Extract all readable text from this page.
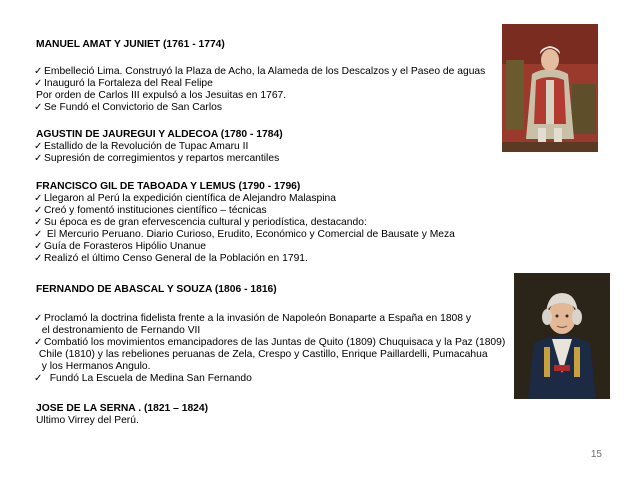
MANUEL AMAT Y JUNIET (1761 - 1774)
✓ Embelleció Lima. Construyó la Plaza de Acho, la Alameda de los Descalzos y el Paseo de aguas
✓ Inauguró la Fortaleza del Real Felipe
Por orden de Carlos III expulsó a los Jesuitas en 1767.
✓ Se Fundó el Convictorio de San Carlos
AGUSTIN DE JAUREGUI Y ALDECOA (1780 - 1784)
✓ Estallido de la Revolución de Tupac Amaru II
✓ Supresión de corregimientos y repartos mercantiles
FRANCISCO GIL DE TABOADA Y LEMUS (1790 - 1796)
✓ Llegaron al Perú la expedición científica de Alejandro Malaspina
✓ Creó y fomentó instituciones científico – técnicas
✓ Su época es de gran efervescencia cultural y periodística, destacando:
✓ El Mercurio Peruano. Diario Curioso, Erudito, Económico y Comercial de Bausate y Meza
✓ Guía de Forasteros Hipólio Unanue
✓ Realizó el último Censo General de la Población en 1791.
FERNANDO DE ABASCAL Y SOUZA (1806 - 1816)
✓ Proclamó la doctrina fidelista frente a la invasión de Napoleón Bonaparte a España en 1808 y
el destronamiento de Fernando VII
✓ Combatió los movimientos emancipadores de las Juntas de Quito (1809) Chuquisaca y la Paz (1809)
Chile (1810) y las rebeliones peruanas de Zela, Crespo y Castillo, Enrique Paillardelli, Pumacahua
y los Hermanos Angulo.
✓  Fundó La Escuela de Medina San Fernando
JOSE DE LA SERNA . (1821 – 1824)
Ultimo Virrey del Perú.
15
